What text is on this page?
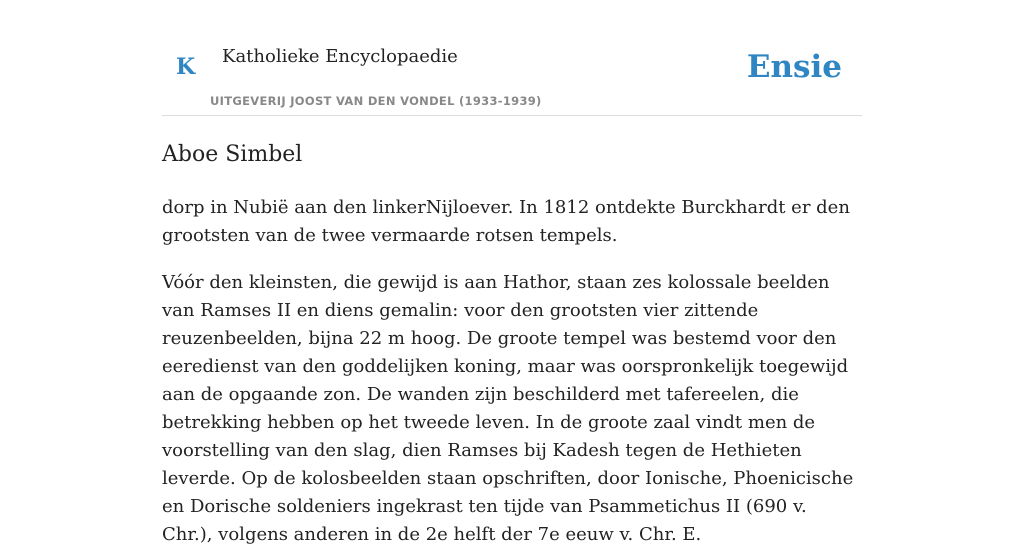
K Katholieke Encyclopaedie
UITGEVERIJ JOOST VAN DEN VONDEL (1933-1939)
Ensie
Aboe Simbel

dorp in Nubië aan den linkerNijloever. In 1812 ontdekte Burckhardt er den grootsten van de twee vermaarde rotsen tempels.

Vóór den kleinsten, die gewijd is aan Hathor, staan zes kolossale beelden van Ramses II en diens gemalin: voor den grootsten vier zittende reuzenbeelden, bijna 22 m hoog. De groote tempel was bestemd voor den eeredienst van den goddelijken koning, maar was oorspronkelijk toegewijd aan de opgaande zon. De wanden zijn beschilderd met tafereelen, die betrekking hebben op het tweede leven. In de groote zaal vindt men de voorstelling van den slag, dien Ramses bij Kadesh tegen de Hethieten leverde. Op de kolosbeelden staan opschriften, door Ionische, Phoenicische en Dorische soldeniers ingekrast ten tijde van Psammetichus II (690 v. Chr.), volgens anderen in de 2e helft der 7e eeuw v. Chr. E.
